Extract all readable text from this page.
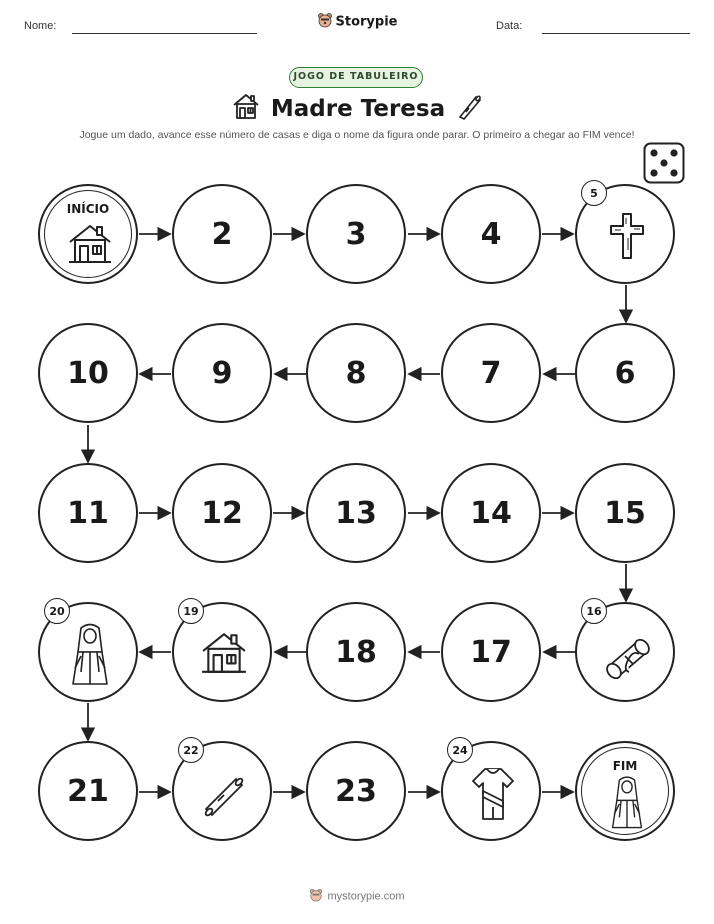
Nome:	Storypie	Data:
JOGO DE TABULEIRO
Madre Teresa
Jogue um dado, avance esse número de casas e diga o nome da figura onde parar. O primeiro a chegar ao FIM vence!
INÍCIO
2	3	4
5
10	9	8	7	6
11	12	13	14	15
20	19
18	17
16
21
22
23
24
FIM
mystorypie.com
